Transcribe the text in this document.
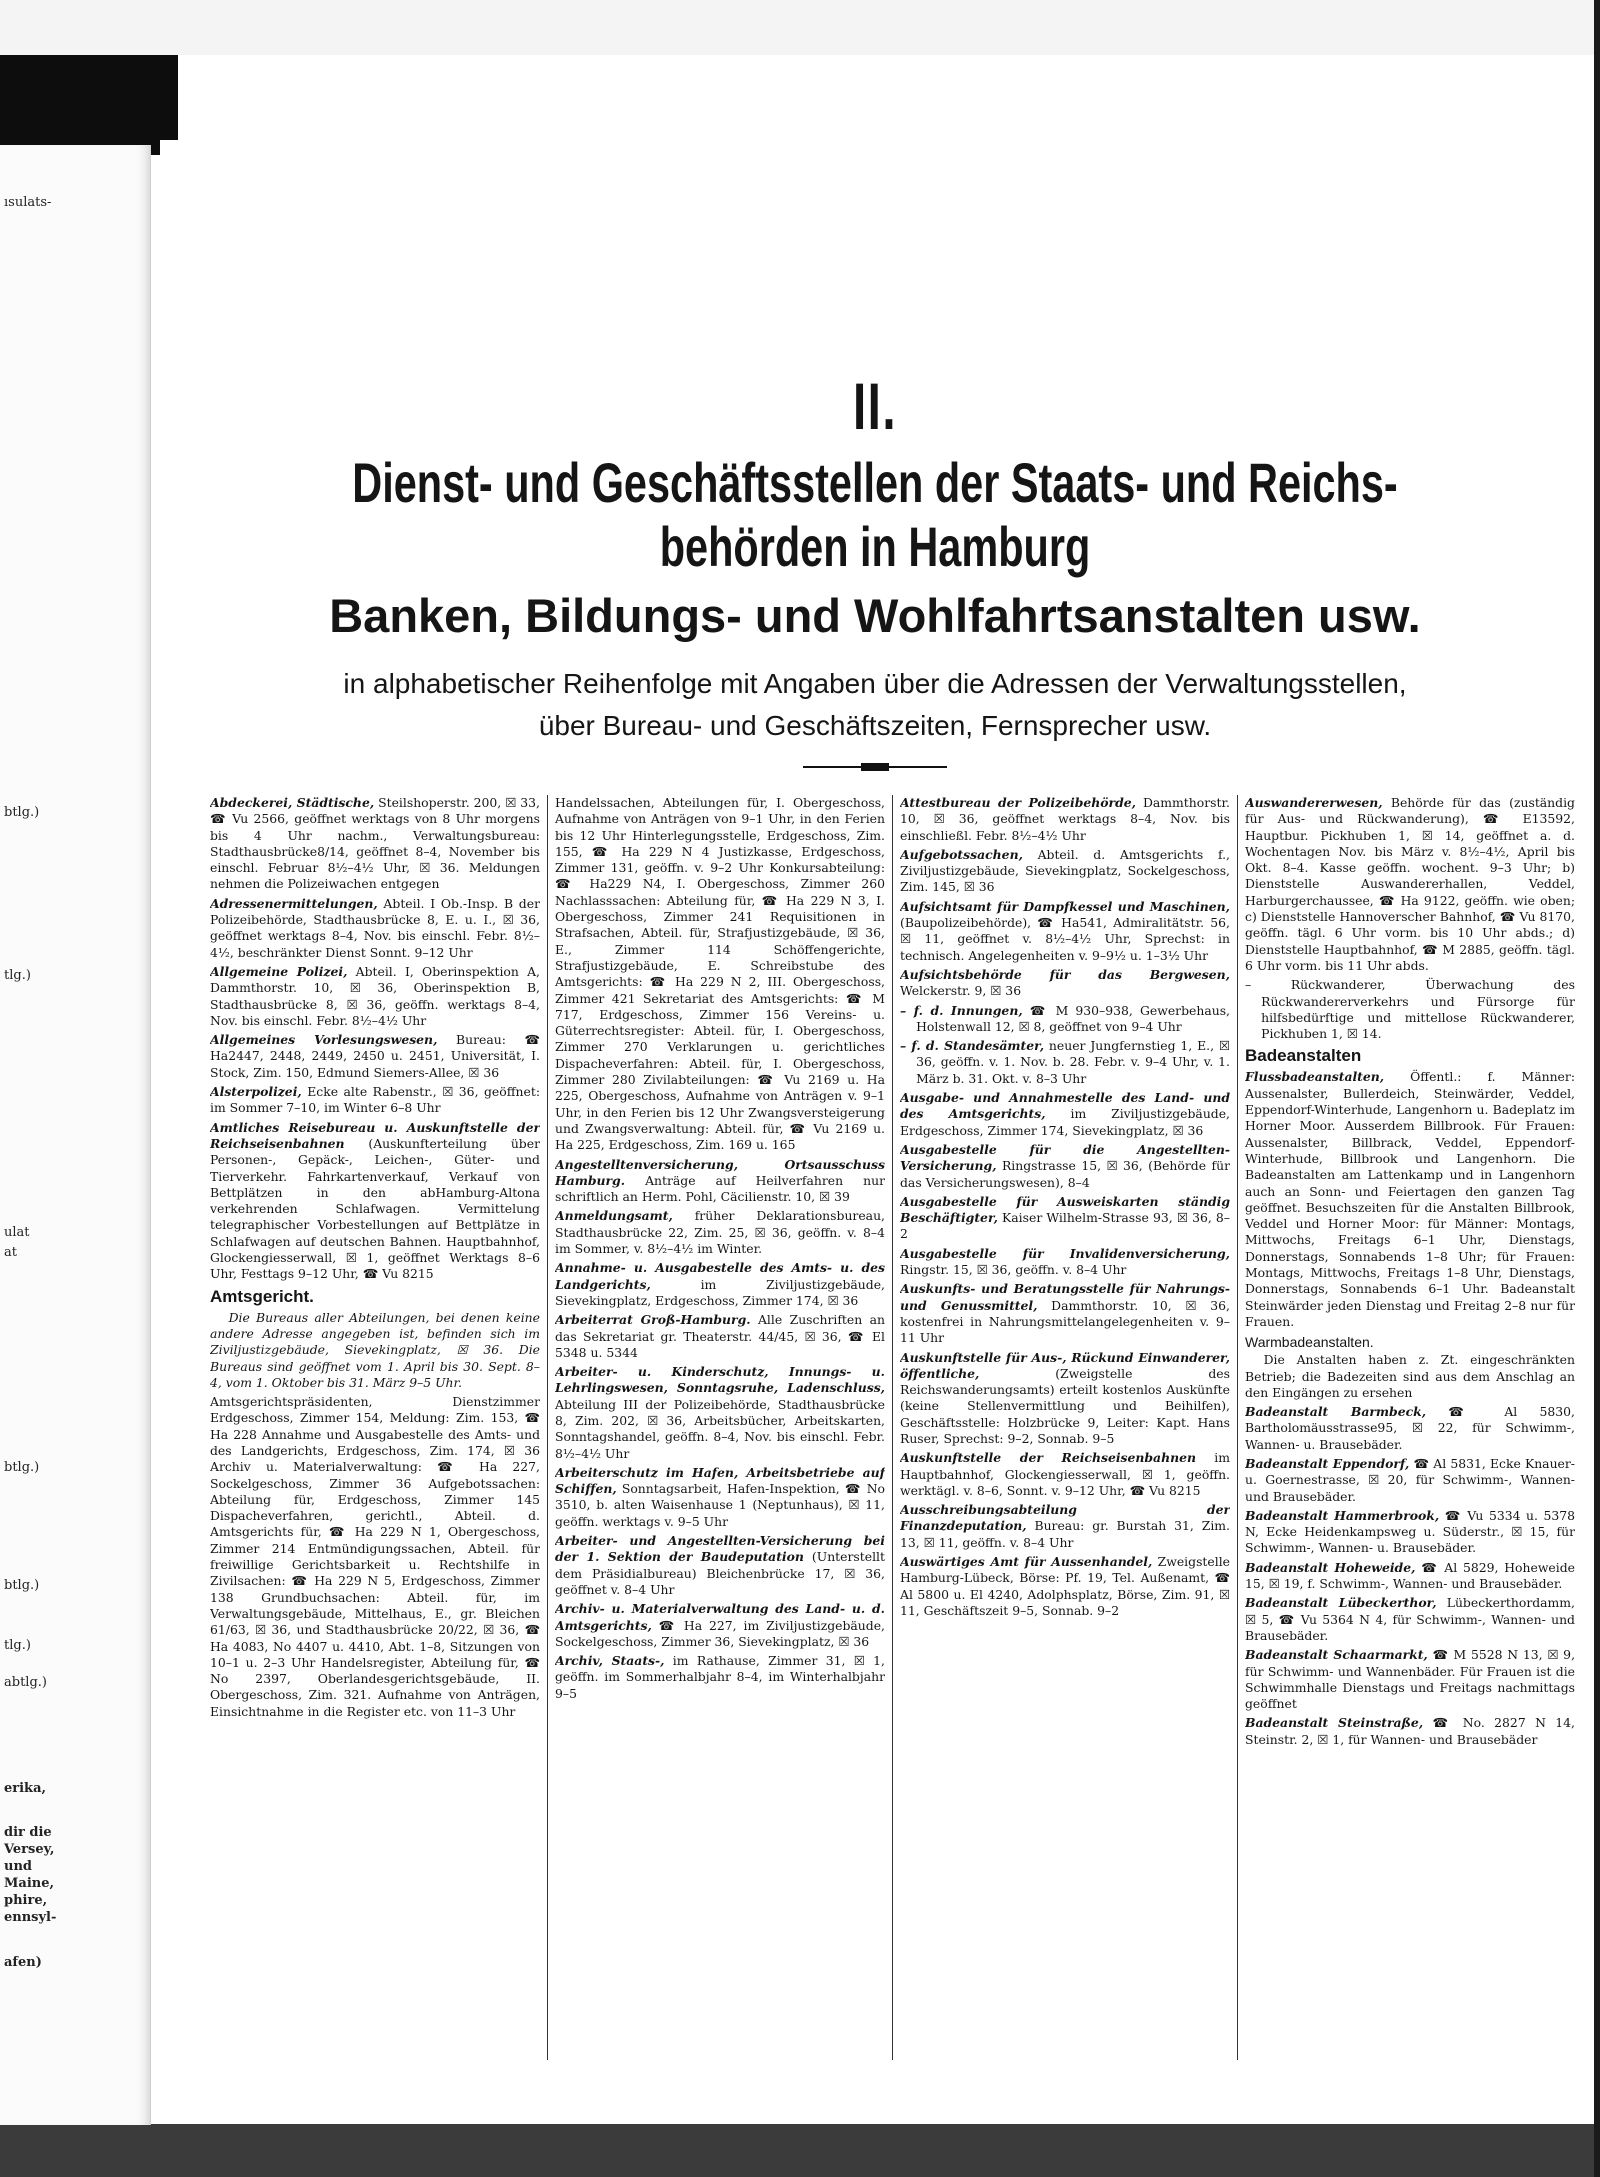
ısulats-
btlg.)
tlg.)
ulat
at
btlg.)
btlg.)
tlg.)
abtlg.)
erika,
dir die
Versey,
und
Maine,
phire,
ennsyl-
afen)
II.
Dienst- und Geschäftsstellen der Staats- und Reichs-
behörden in Hamburg
Banken, Bildungs- und Wohlfahrtsanstalten usw.
in alphabetischer Reihenfolge mit Angaben über die Adressen der Verwaltungsstellen,
über Bureau- und Geschäftszeiten, Fernsprecher usw.

Abdeckerei, Städtische, Steilshoperstr. 200, ☒ 33, ☎ Vu 2566, geöffnet werktags von 8 Uhr morgens bis 4 Uhr nachm., Verwaltungsbureau: Stadthausbrücke8/14, geöffnet 8–4, November bis einschl. Februar 8½–4½ Uhr, ☒ 36. Meldungen nehmen die Polizeiwachen entgegen

Adressenermittelungen, Abteil. I Ob.-Insp. B der Polizeibehörde, Stadthausbrücke 8, E. u. I., ☒ 36, geöffnet werktags 8–4, Nov. bis einschl. Febr. 8½–4½, beschränkter Dienst Sonnt. 9–12 Uhr

Allgemeine Polizei, Abteil. I, Oberinspektion A, Dammthorstr. 10, ☒ 36, Oberinspektion B, Stadthausbrücke 8, ☒ 36, geöffn. werktags 8–4, Nov. bis einschl. Febr. 8½–4½ Uhr

Allgemeines Vorlesungswesen, Bureau: ☎ Ha2447, 2448, 2449, 2450 u. 2451, Universität, I. Stock, Zim. 150, Edmund Siemers-Allee, ☒ 36

Alsterpolizei, Ecke alte Rabenstr., ☒ 36, geöffnet: im Sommer 7–10, im Winter 6–8 Uhr

Amtliches Reisebureau u. Auskunftstelle der Reichseisenbahnen (Auskunfterteilung über Personen-, Gepäck-, Leichen-, Güter- und Tierverkehr. Fahrkartenverkauf, Verkauf von Bettplätzen in den abHamburg-Altona verkehrenden Schlafwagen. Vermittelung telegraphischer Vorbestellungen auf Bettplätze in Schlafwagen auf deutschen Bahnen. Hauptbahnhof, Glockengiesserwall, ☒ 1, geöffnet Werktags 8–6 Uhr, Festtags 9–12 Uhr, ☎ Vu 8215

Amtsgericht.

Die Bureaus aller Abteilungen, bei denen keine andere Adresse angegeben ist, befinden sich im Ziviljustizgebäude, Sievekingplatz, ☒ 36. Die Bureaus sind geöffnet vom 1. April bis 30. Sept. 8–4, vom 1. Oktober bis 31. März 9–5 Uhr.

Amtsgerichtspräsidenten, Dienstzimmer Erdgeschoss, Zimmer 154, Meldung: Zim. 153, ☎ Ha 228 Annahme und Ausgabestelle des Amts- und des Landgerichts, Erdgeschoss, Zim. 174, ☒ 36 Archiv u. Materialverwaltung: ☎ Ha 227, Sockelgeschoss, Zimmer 36 Aufgebotssachen: Abteilung für, Erdgeschoss, Zimmer 145 Dispacheverfahren, gerichtl., Abteil. d. Amtsgerichts für, ☎ Ha 229 N 1, Obergeschoss, Zimmer 214 Entmündigungssachen, Abteil. für freiwillige Gerichtsbarkeit u. Rechtshilfe in Zivilsachen: ☎ Ha 229 N 5, Erdgeschoss, Zimmer 138 Grundbuchsachen: Abteil. für, im Verwaltungsgebäude, Mittelhaus, E., gr. Bleichen 61/63, ☒ 36, und Stadthausbrücke 20/22, ☒ 36, ☎ Ha 4083, No 4407 u. 4410, Abt. 1–8, Sitzungen von 10–1 u. 2–3 Uhr Handelsregister, Abteilung für, ☎ No 2397, Oberlandesgerichtsgebäude, II. Obergeschoss, Zim. 321. Aufnahme von Anträgen, Einsichtnahme in die Register etc. von 11–3 Uhr

Handelssachen, Abteilungen für, I. Obergeschoss, Aufnahme von Anträgen von 9–1 Uhr, in den Ferien bis 12 Uhr Hinterlegungsstelle, Erdgeschoss, Zim. 155, ☎ Ha 229 N 4 Justizkasse, Erdgeschoss, Zimmer 131, geöffn. v. 9–2 Uhr Konkursabteilung: ☎ Ha229 N4, I. Obergeschoss, Zimmer 260 Nachlasssachen: Abteilung für, ☎ Ha 229 N 3, I. Obergeschoss, Zimmer 241 Requisitionen in Strafsachen, Abteil. für, Strafjustizgebäude, ☒ 36, E., Zimmer 114 Schöffengerichte, Strafjustizgebäude, E. Schreibstube des Amtsgerichts: ☎ Ha 229 N 2, III. Obergeschoss, Zimmer 421 Sekretariat des Amtsgerichts: ☎ M 717, Erdgeschoss, Zimmer 156 Vereins- u. Güterrechtsregister: Abteil. für, I. Obergeschoss, Zimmer 270 Verklarungen u. gerichtliches Dispacheverfahren: Abteil. für, I. Obergeschoss, Zimmer 280 Zivilabteilungen: ☎ Vu 2169 u. Ha 225, Obergeschoss, Aufnahme von Anträgen v. 9–1 Uhr, in den Ferien bis 12 Uhr Zwangsversteigerung und Zwangsverwaltung: Abteil. für, ☎ Vu 2169 u. Ha 225, Erdgeschoss, Zim. 169 u. 165

Angestelltenversicherung, Ortsausschuss Hamburg. Anträge auf Heilverfahren nur schriftlich an Herm. Pohl, Cäcilienstr. 10, ☒ 39

Anmeldungsamt, früher Deklarationsbureau, Stadthausbrücke 22, Zim. 25, ☒ 36, geöffn. v. 8–4 im Sommer, v. 8½–4½ im Winter.

Annahme- u. Ausgabestelle des Amts- u. des Landgerichts, im Ziviljustizgebäude, Sievekingplatz, Erdgeschoss, Zimmer 174, ☒ 36

Arbeiterrat Groß-Hamburg. Alle Zuschriften an das Sekretariat gr. Theaterstr. 44/45, ☒ 36, ☎ El 5348 u. 5344

Arbeiter- u. Kinderschutz, Innungs- u. Lehrlingswesen, Sonntagsruhe, Ladenschluss, Abteilung III der Polizeibehörde, Stadthausbrücke 8, Zim. 202, ☒ 36, Arbeitsbücher, Arbeitskarten, Sonntagshandel, geöffn. 8–4, Nov. bis einschl. Febr. 8½–4½ Uhr

Arbeiterschutz im Hafen, Arbeitsbetriebe auf Schiffen, Sonntagsarbeit, Hafen-Inspektion, ☎ No 3510, b. alten Waisenhause 1 (Neptunhaus), ☒ 11, geöffn. werktags v. 9–5 Uhr

Arbeiter- und Angestellten-Versicherung bei der 1. Sektion der Baudeputation (Unterstellt dem Präsidialbureau) Bleichenbrücke 17, ☒ 36, geöffnet v. 8–4 Uhr

Archiv- u. Materialverwaltung des Land- u. d. Amtsgerichts, ☎ Ha 227, im Ziviljustizgebäude, Sockelgeschoss, Zimmer 36, Sievekingplatz, ☒ 36

Archiv, Staats-, im Rathause, Zimmer 31, ☒ 1, geöffn. im Sommerhalbjahr 8–4, im Winterhalbjahr 9–5

Attestbureau der Polizeibehörde, Dammthorstr. 10, ☒ 36, geöffnet werktags 8–4, Nov. bis einschließl. Febr. 8½–4½ Uhr

Aufgebotssachen, Abteil. d. Amtsgerichts f., Ziviljustizgebäude, Sievekingplatz, Sockelgeschoss, Zim. 145, ☒ 36

Aufsichtsamt für Dampfkessel und Maschinen, (Baupolizeibehörde), ☎ Ha541, Admiralitätstr. 56, ☒ 11, geöffnet v. 8½–4½ Uhr, Sprechst: in technisch. Angelegenheiten v. 9–9½ u. 1–3½ Uhr

Aufsichtsbehörde für das Bergwesen, Welckerstr. 9, ☒ 36

– f. d. Innungen, ☎ M 930–938, Gewerbehaus, Holstenwall 12, ☒ 8, geöffnet von 9–4 Uhr

– f. d. Standesämter, neuer Jungfernstieg 1, E., ☒ 36, geöffn. v. 1. Nov. b. 28. Febr. v. 9–4 Uhr, v. 1. März b. 31. Okt. v. 8–3 Uhr

Ausgabe- und Annahmestelle des Land- und des Amtsgerichts, im Ziviljustizgebäude, Erdgeschoss, Zimmer 174, Sievekingplatz, ☒ 36

Ausgabestelle für die Angestellten-Versicherung, Ringstrasse 15, ☒ 36, (Behörde für das Versicherungswesen), 8–4

Ausgabestelle für Ausweiskarten ständig Beschäftigter, Kaiser Wilhelm-Strasse 93, ☒ 36, 8–2

Ausgabestelle für Invalidenversicherung, Ringstr. 15, ☒ 36, geöffn. v. 8–4 Uhr

Auskunfts- und Beratungsstelle für Nahrungs- und Genussmittel, Dammthorstr. 10, ☒ 36, kostenfrei in Nahrungsmittelangelegenheiten v. 9–11 Uhr

Auskunftstelle für Aus-, Rückund Einwanderer, öffentliche, (Zweigstelle des Reichswanderungsamts) erteilt kostenlos Auskünfte (keine Stellenvermittlung und Beihilfen), Geschäftsstelle: Holzbrücke 9, Leiter: Kapt. Hans Ruser, Sprechst: 9–2, Sonnab. 9–5

Auskunftstelle der Reichseisenbahnen im Hauptbahnhof, Glockengiesserwall, ☒ 1, geöffn. werktägl. v. 8–6, Sonnt. v. 9–12 Uhr, ☎ Vu 8215

Ausschreibungsabteilung der Finanzdeputation, Bureau: gr. Burstah 31, Zim. 13, ☒ 11, geöffn. v. 8–4 Uhr

Auswärtiges Amt für Aussenhandel, Zweigstelle Hamburg-Lübeck, Börse: Pf. 19, Tel. Außenamt, ☎ Al 5800 u. El 4240, Adolphsplatz, Börse, Zim. 91, ☒ 11, Geschäftszeit 9–5, Sonnab. 9–2

Auswandererwesen, Behörde für das (zuständig für Aus- und Rückwanderung), ☎ E13592, Hauptbur. Pickhuben 1, ☒ 14, geöffnet a. d. Wochentagen Nov. bis März v. 8½–4½, April bis Okt. 8–4. Kasse geöffn. wochent. 9–3 Uhr; b) Dienststelle Auswandererhallen, Veddel, Harburgerchaussee, ☎ Ha 9122, geöffn. wie oben; c) Dienststelle Hannoverscher Bahnhof, ☎ Vu 8170, geöffn. tägl. 6 Uhr vorm. bis 10 Uhr abds.; d) Dienststelle Hauptbahnhof, ☎ M 2885, geöffn. tägl. 6 Uhr vorm. bis 11 Uhr abds.

– Rückwanderer, Überwachung des Rückwandererverkehrs und Fürsorge für hilfsbedürftige und mittellose Rückwanderer, Pickhuben 1, ☒ 14.

Badeanstalten

Flussbadeanstalten, Öffentl.: f. Männer: Aussenalster, Bullerdeich, Steinwärder, Veddel, Eppendorf-Winterhude, Langenhorn u. Badeplatz im Horner Moor. Ausserdem Billbrook. Für Frauen: Aussenalster, Billbrack, Veddel, Eppendorf-Winterhude, Billbrook und Langenhorn. Die Badeanstalten am Lattenkamp und in Langenhorn auch an Sonn- und Feiertagen den ganzen Tag geöffnet. Besuchszeiten für die Anstalten Billbrook, Veddel und Horner Moor: für Männer: Montags, Mittwochs, Freitags 6–1 Uhr, Dienstags, Donnerstags, Sonnabends 1–8 Uhr; für Frauen: Montags, Mittwochs, Freitags 1–8 Uhr, Dienstags, Donnerstags, Sonnabends 6–1 Uhr. Badeanstalt Steinwärder jeden Dienstag und Freitag 2–8 nur für Frauen.

Warmbadeanstalten.

Die Anstalten haben z. Zt. eingeschränkten Betrieb; die Badezeiten sind aus dem Anschlag an den Eingängen zu ersehen

Badeanstalt Barmbeck, ☎ Al 5830, Bartholomäusstrasse95, ☒ 22, für Schwimm-, Wannen- u. Brausebäder.

Badeanstalt Eppendorf, ☎ Al 5831, Ecke Knauer- u. Goernestrasse, ☒ 20, für Schwimm-, Wannen- und Brausebäder.

Badeanstalt Hammerbrook, ☎ Vu 5334 u. 5378 N, Ecke Heidenkampsweg u. Süderstr., ☒ 15, für Schwimm-, Wannen- u. Brausebäder.

Badeanstalt Hoheweide, ☎ Al 5829, Hoheweide 15, ☒ 19, f. Schwimm-, Wannen- und Brausebäder.

Badeanstalt Lübeckerthor, Lübeckerthordamm, ☒ 5, ☎ Vu 5364 N 4, für Schwimm-, Wannen- und Brausebäder.

Badeanstalt Schaarmarkt, ☎ M 5528 N 13, ☒ 9, für Schwimm- und Wannenbäder. Für Frauen ist die Schwimmhalle Dienstags und Freitags nachmittags geöffnet

Badeanstalt Steinstraße, ☎ No. 2827 N 14, Steinstr. 2, ☒ 1, für Wannen- und Brausebäder
